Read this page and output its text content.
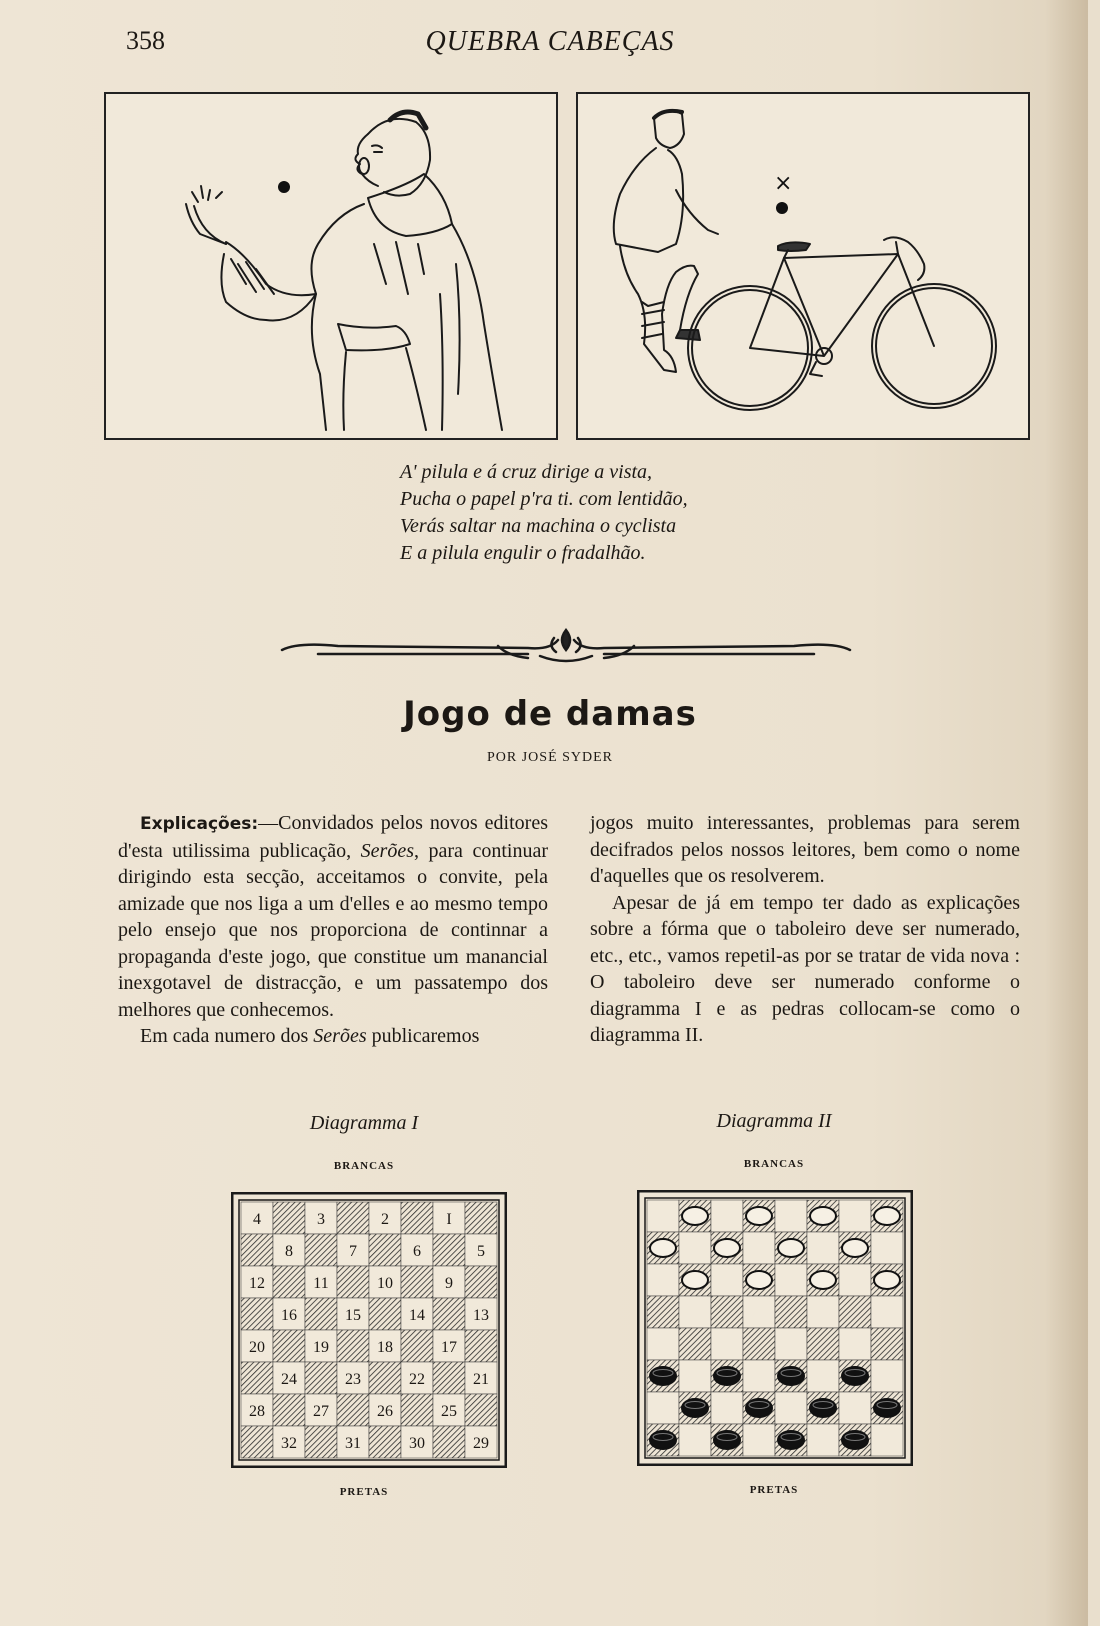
358	QUEBRA CABEÇAS
×
A' pilula e á cruz dirige a vista,
Pucha o papel p'ra ti. com lentidão,
Verás saltar na machina o cyclista
E a pilula engulir o fradalhão.
Jogo de damas
POR JOSÉ SYDER

Explicações:—Convidados pelos novos editores d'esta utilissima publicação, Serões, para continuar dirigindo esta secção, acceitamos o convite, pela amizade que nos liga a um d'elles e ao mesmo tempo pelo ensejo que nos proporciona de continnar a propaganda d'este jogo, que constitue um manancial inexgotavel de distracção, e um passatempo dos melhores que conhecemos.

Em cada numero dos Serões publicaremos

jogos muito interessantes, problemas para serem decifrados pelos nossos leitores, bem como o nome d'aquelles que os resolverem.

Apesar de já em tempo ter dado as explicações sobre a fórma que o taboleiro deve ser numerado, etc., etc., vamos repetil-as por se tratar de vida nova : O taboleiro deve ser numerado conforme o diagramma I e as pedras collocam-se como o diagramma II.

Diagramma I
BRANCAS
4	3	2	I
8	7	6	5
12	11	10	9
16	15	14	13
20	19	18	17
24	23	22	21
28	27	26	25
32	31	30	29
PRETAS
Diagramma II
BRANCAS
PRETAS
